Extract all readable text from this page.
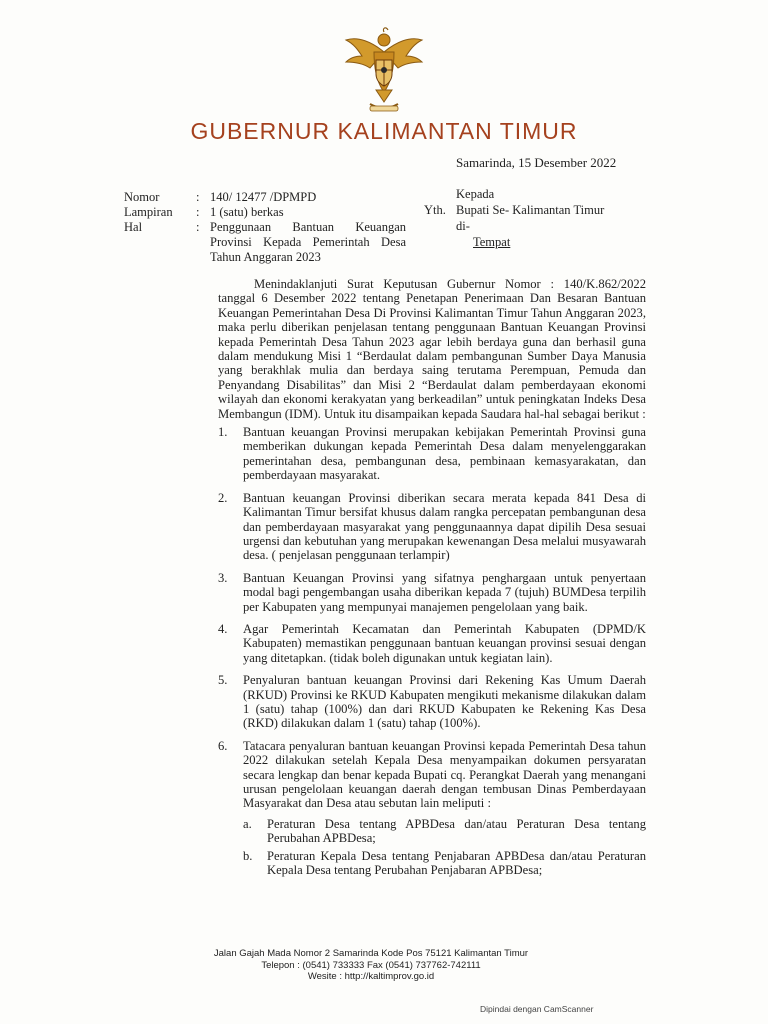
GUBERNUR KALIMANTAN TIMUR
Samarinda, 15 Desember 2022
Nomor	: 140/ 12477 /DPMPD
Lampiran	: 1 (satu) berkas
Hal	: Penggunaan Bantuan Keuangan Provinsi Kepada Pemerintah Desa Tahun Anggaran 2023
Kepada
Yth. Bupati Se- Kalimantan Timur
di-
Tempat

Menindaklanjuti Surat Keputusan Gubernur Nomor : 140/K.862/2022 tanggal 6 Desember 2022 tentang Penetapan Penerimaan Dan Besaran Bantuan Keuangan Pemerintahan Desa Di Provinsi Kalimantan Timur Tahun Anggaran 2023, maka perlu diberikan penjelasan tentang penggunaan Bantuan Keuangan Provinsi kepada Pemerintah Desa Tahun 2023 agar lebih berdaya guna dan berhasil guna dalam mendukung Misi 1 “Berdaulat dalam pembangunan Sumber Daya Manusia yang berakhlak mulia dan berdaya saing terutama Perempuan, Pemuda dan Penyandang Disabilitas” dan Misi 2 “Berdaulat dalam pemberdayaan ekonomi wilayah dan ekonomi kerakyatan yang berkeadilan” untuk peningkatan Indeks Desa Membangun (IDM). Untuk itu disampaikan kepada Saudara hal-hal sebagai berikut :

1.	Bantuan keuangan Provinsi merupakan kebijakan Pemerintah Provinsi guna memberikan dukungan kepada Pemerintah Desa dalam menyelenggarakan pemerintahan desa, pembangunan desa, pembinaan kemasyarakatan, dan pemberdayaan masyarakat.
2.	Bantuan keuangan Provinsi diberikan secara merata kepada 841 Desa di Kalimantan Timur bersifat khusus dalam rangka percepatan pembangunan desa dan pemberdayaan masyarakat yang penggunaannya dapat dipilih Desa sesuai urgensi dan kebutuhan yang merupakan kewenangan Desa melalui musyawarah desa. ( penjelasan penggunaan terlampir)
3.	Bantuan Keuangan Provinsi yang sifatnya penghargaan untuk penyertaan modal bagi pengembangan usaha diberikan kepada 7 (tujuh) BUMDesa terpilih per Kabupaten yang mempunyai manajemen pengelolaan yang baik.
4.	Agar Pemerintah Kecamatan dan Pemerintah Kabupaten (DPMD/K Kabupaten) memastikan penggunaan bantuan keuangan provinsi sesuai dengan yang ditetapkan. (tidak boleh digunakan untuk kegiatan lain).
5.	Penyaluran bantuan keuangan Provinsi dari Rekening Kas Umum Daerah (RKUD) Provinsi ke RKUD Kabupaten mengikuti mekanisme dilakukan dalam 1 (satu) tahap (100%) dan dari RKUD Kabupaten ke Rekening Kas Desa (RKD) dilakukan dalam 1 (satu) tahap (100%).
6.	Tatacara penyaluran bantuan keuangan Provinsi kepada Pemerintah Desa tahun 2022 dilakukan setelah Kepala Desa menyampaikan dokumen persyaratan secara lengkap dan benar kepada Bupati cq. Perangkat Daerah yang menangani urusan pengelolaan keuangan daerah dengan tembusan Dinas Pemberdayaan Masyarakat dan Desa atau sebutan lain meliputi :
a.	Peraturan Desa tentang APBDesa dan/atau Peraturan Desa tentang Perubahan APBDesa;
b.	Peraturan Kepala Desa tentang Penjabaran APBDesa dan/atau Peraturan Kepala Desa tentang Perubahan Penjabaran APBDesa;
Jalan Gajah Mada Nomor 2 Samarinda Kode Pos 75121 Kalimantan Timur
Telepon : (0541) 733333 Fax (0541) 737762-742111
Wesite : http://kaltimprov.go.id
Dipindai dengan CamScanner
